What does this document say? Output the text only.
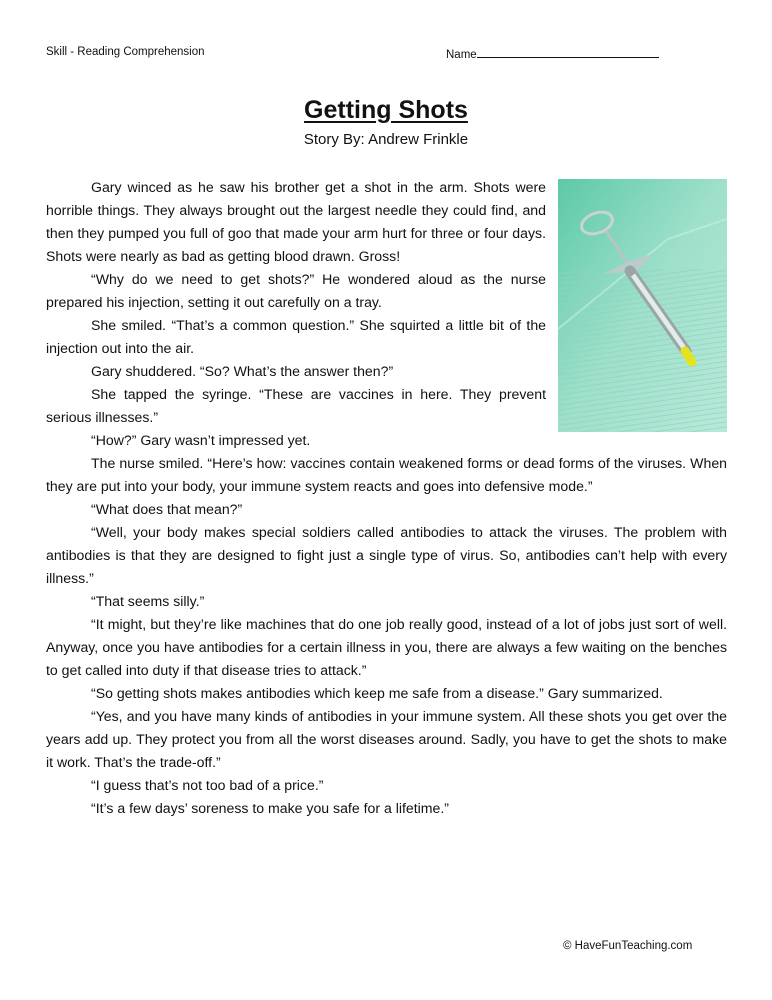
Skill - Reading Comprehension	Name
Getting Shots
Story By: Andrew Frinkle

Gary winced as he saw his brother get a shot in the arm. Shots were horrible things. They always brought out the largest needle they could find, and then they pumped you full of goo that made your arm hurt for three or four days. Shots were nearly as bad as getting blood drawn. Gross!

“Why do we need to get shots?” He wondered aloud as the nurse prepared his injection, setting it out carefully on a tray.

She smiled. “That’s a common question.” She squirted a little bit of the injection out into the air.

Gary shuddered. “So? What’s the answer then?”

She tapped the syringe. “These are vaccines in here. They prevent serious illnesses.”

“How?” Gary wasn’t impressed yet.

The nurse smiled. “Here’s how: vaccines contain weakened forms or dead forms of the viruses. When they are put into your body, your immune system reacts and goes into defensive mode.”

“What does that mean?”

“Well, your body makes special soldiers called antibodies to attack the viruses. The problem with antibodies is that they are designed to fight just a single type of virus. So, antibodies can’t help with every illness.”

“That seems silly.”

“It might, but they’re like machines that do one job really good, instead of a lot of jobs just sort of well. Anyway, once you have antibodies for a certain illness in you, there are always a few waiting on the benches to get called into duty if that disease tries to attack.”

“So getting shots makes antibodies which keep me safe from a disease.” Gary summarized.

“Yes, and you have many kinds of antibodies in your immune system. All these shots you get over the years add up. They protect you from all the worst diseases around. Sadly, you have to get the shots to make it work. That’s the trade-off.”

“I guess that’s not too bad of a price.”

“It’s a few days’ soreness to make you safe for a lifetime.”

© HaveFunTeaching.com
